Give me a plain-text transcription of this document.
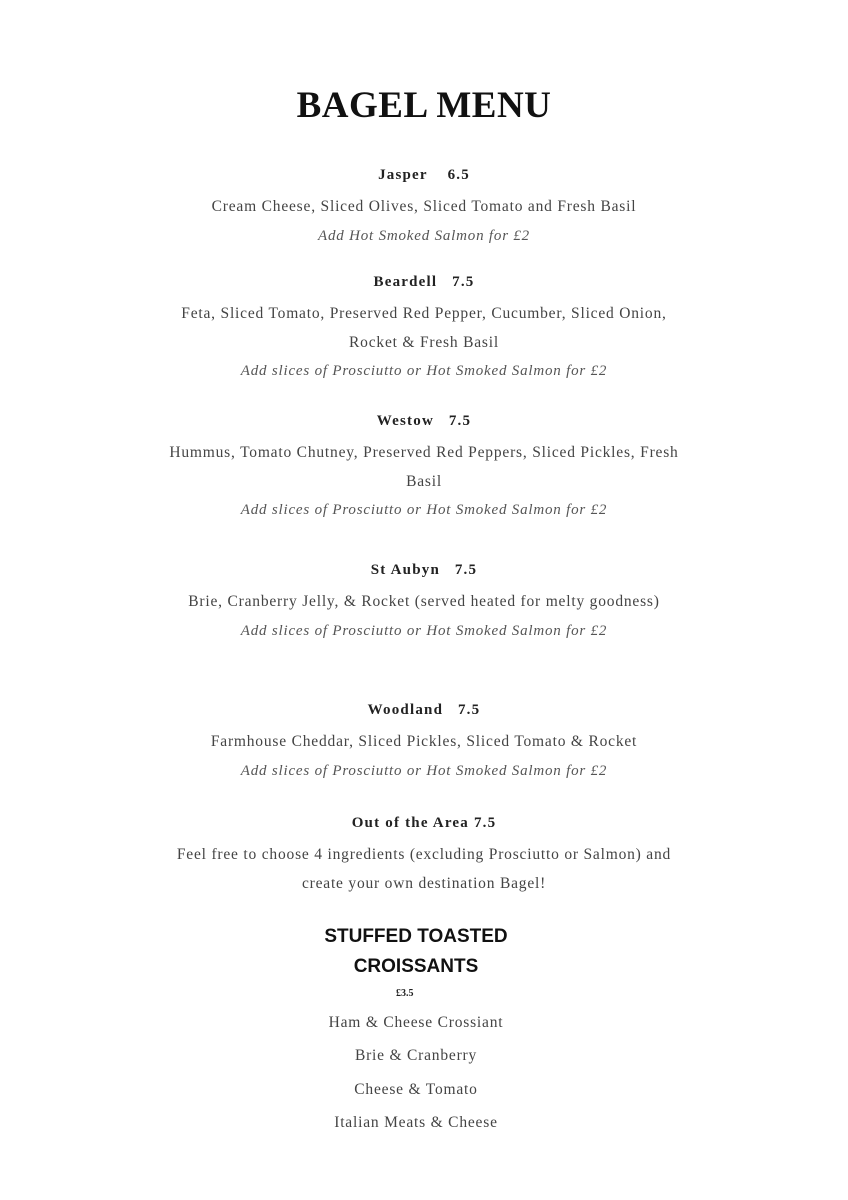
BAGEL MENU
Jasper 6.5
Cream Cheese, Sliced Olives, Sliced Tomato and Fresh Basil
Add Hot Smoked Salmon for £2
Beardell 7.5
Feta, Sliced Tomato, Preserved Red Pepper, Cucumber, Sliced Onion,
Rocket & Fresh Basil
Add slices of Prosciutto or Hot Smoked Salmon for £2
Westow 7.5
Hummus, Tomato Chutney, Preserved Red Peppers, Sliced Pickles, Fresh
Basil
Add slices of Prosciutto or Hot Smoked Salmon for £2
St Aubyn 7.5
Brie, Cranberry Jelly, & Rocket (served heated for melty goodness)
Add slices of Prosciutto or Hot Smoked Salmon for £2
Woodland 7.5
Farmhouse Cheddar, Sliced Pickles, Sliced Tomato & Rocket
Add slices of Prosciutto or Hot Smoked Salmon for £2
Out of the Area 7.5
Feel free to choose 4 ingredients (excluding Prosciutto or Salmon) and
create your own destination Bagel!
STUFFED TOASTED
CROISSANTS
£3.5
Ham & Cheese Crossiant
Brie & Cranberry
Cheese & Tomato
Italian Meats & Cheese
